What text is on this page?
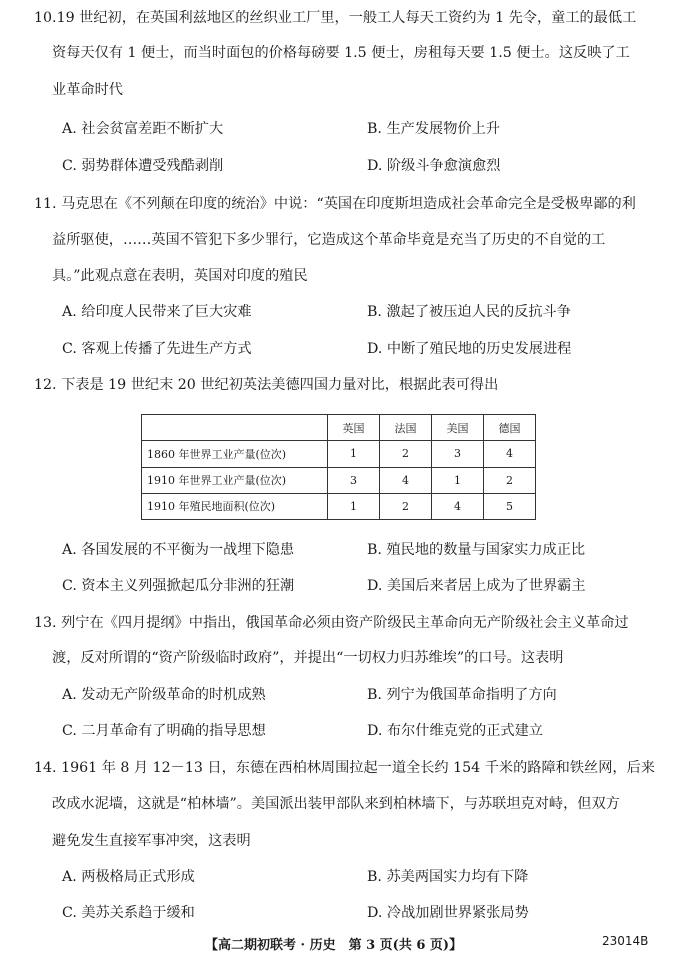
10.19 世纪初，在英国利兹地区的丝织业工厂里，一般工人每天工资约为 1 先令，童工的最低工
资每天仅有 1 便士，而当时面包的价格每磅要 1.5 便士，房租每天要 1.5 便士。这反映了工
业革命时代
A. 社会贫富差距不断扩大	B. 生产发展物价上升
C. 弱势群体遭受残酷剥削	D. 阶级斗争愈演愈烈
11. 马克思在《不列颠在印度的统治》中说：“英国在印度斯坦造成社会革命完全是受极卑鄙的利
益所驱使，……英国不管犯下多少罪行，它造成这个革命毕竟是充当了历史的不自觉的工
具。”此观点意在表明，英国对印度的殖民
A. 给印度人民带来了巨大灾难	B. 激起了被压迫人民的反抗斗争
C. 客观上传播了先进生产方式	D. 中断了殖民地的历史发展进程
12. 下表是 19 世纪末 20 世纪初英法美德四国力量对比，根据此表可得出
	英国	法国	美国	德国
1860 年世界工业产量(位次)	1	2	3	4
1910 年世界工业产量(位次)	3	4	1	2
1910 年殖民地面积(位次)	1	2	4	5
A. 各国发展的不平衡为一战埋下隐患	B. 殖民地的数量与国家实力成正比
C. 资本主义列强掀起瓜分非洲的狂潮	D. 美国后来者居上成为了世界霸主
13. 列宁在《四月提纲》中指出，俄国革命必须由资产阶级民主革命向无产阶级社会主义革命过
渡，反对所谓的“资产阶级临时政府”，并提出“一切权力归苏维埃”的口号。这表明
A. 发动无产阶级革命的时机成熟	B. 列宁为俄国革命指明了方向
C. 二月革命有了明确的指导思想	D. 布尔什维克党的正式建立
14. 1961 年 8 月 12－13 日，东德在西柏林周围拉起一道全长约 154 千米的路障和铁丝网，后来
改成水泥墙，这就是“柏林墙”。美国派出装甲部队来到柏林墙下，与苏联坦克对峙，但双方
避免发生直接军事冲突，这表明
A. 两极格局正式形成	B. 苏美两国实力均有下降
C. 美苏关系趋于缓和	D. 冷战加剧世界紧张局势
【高二期初联考 · 历史　第 3 页(共 6 页)】	23014B
